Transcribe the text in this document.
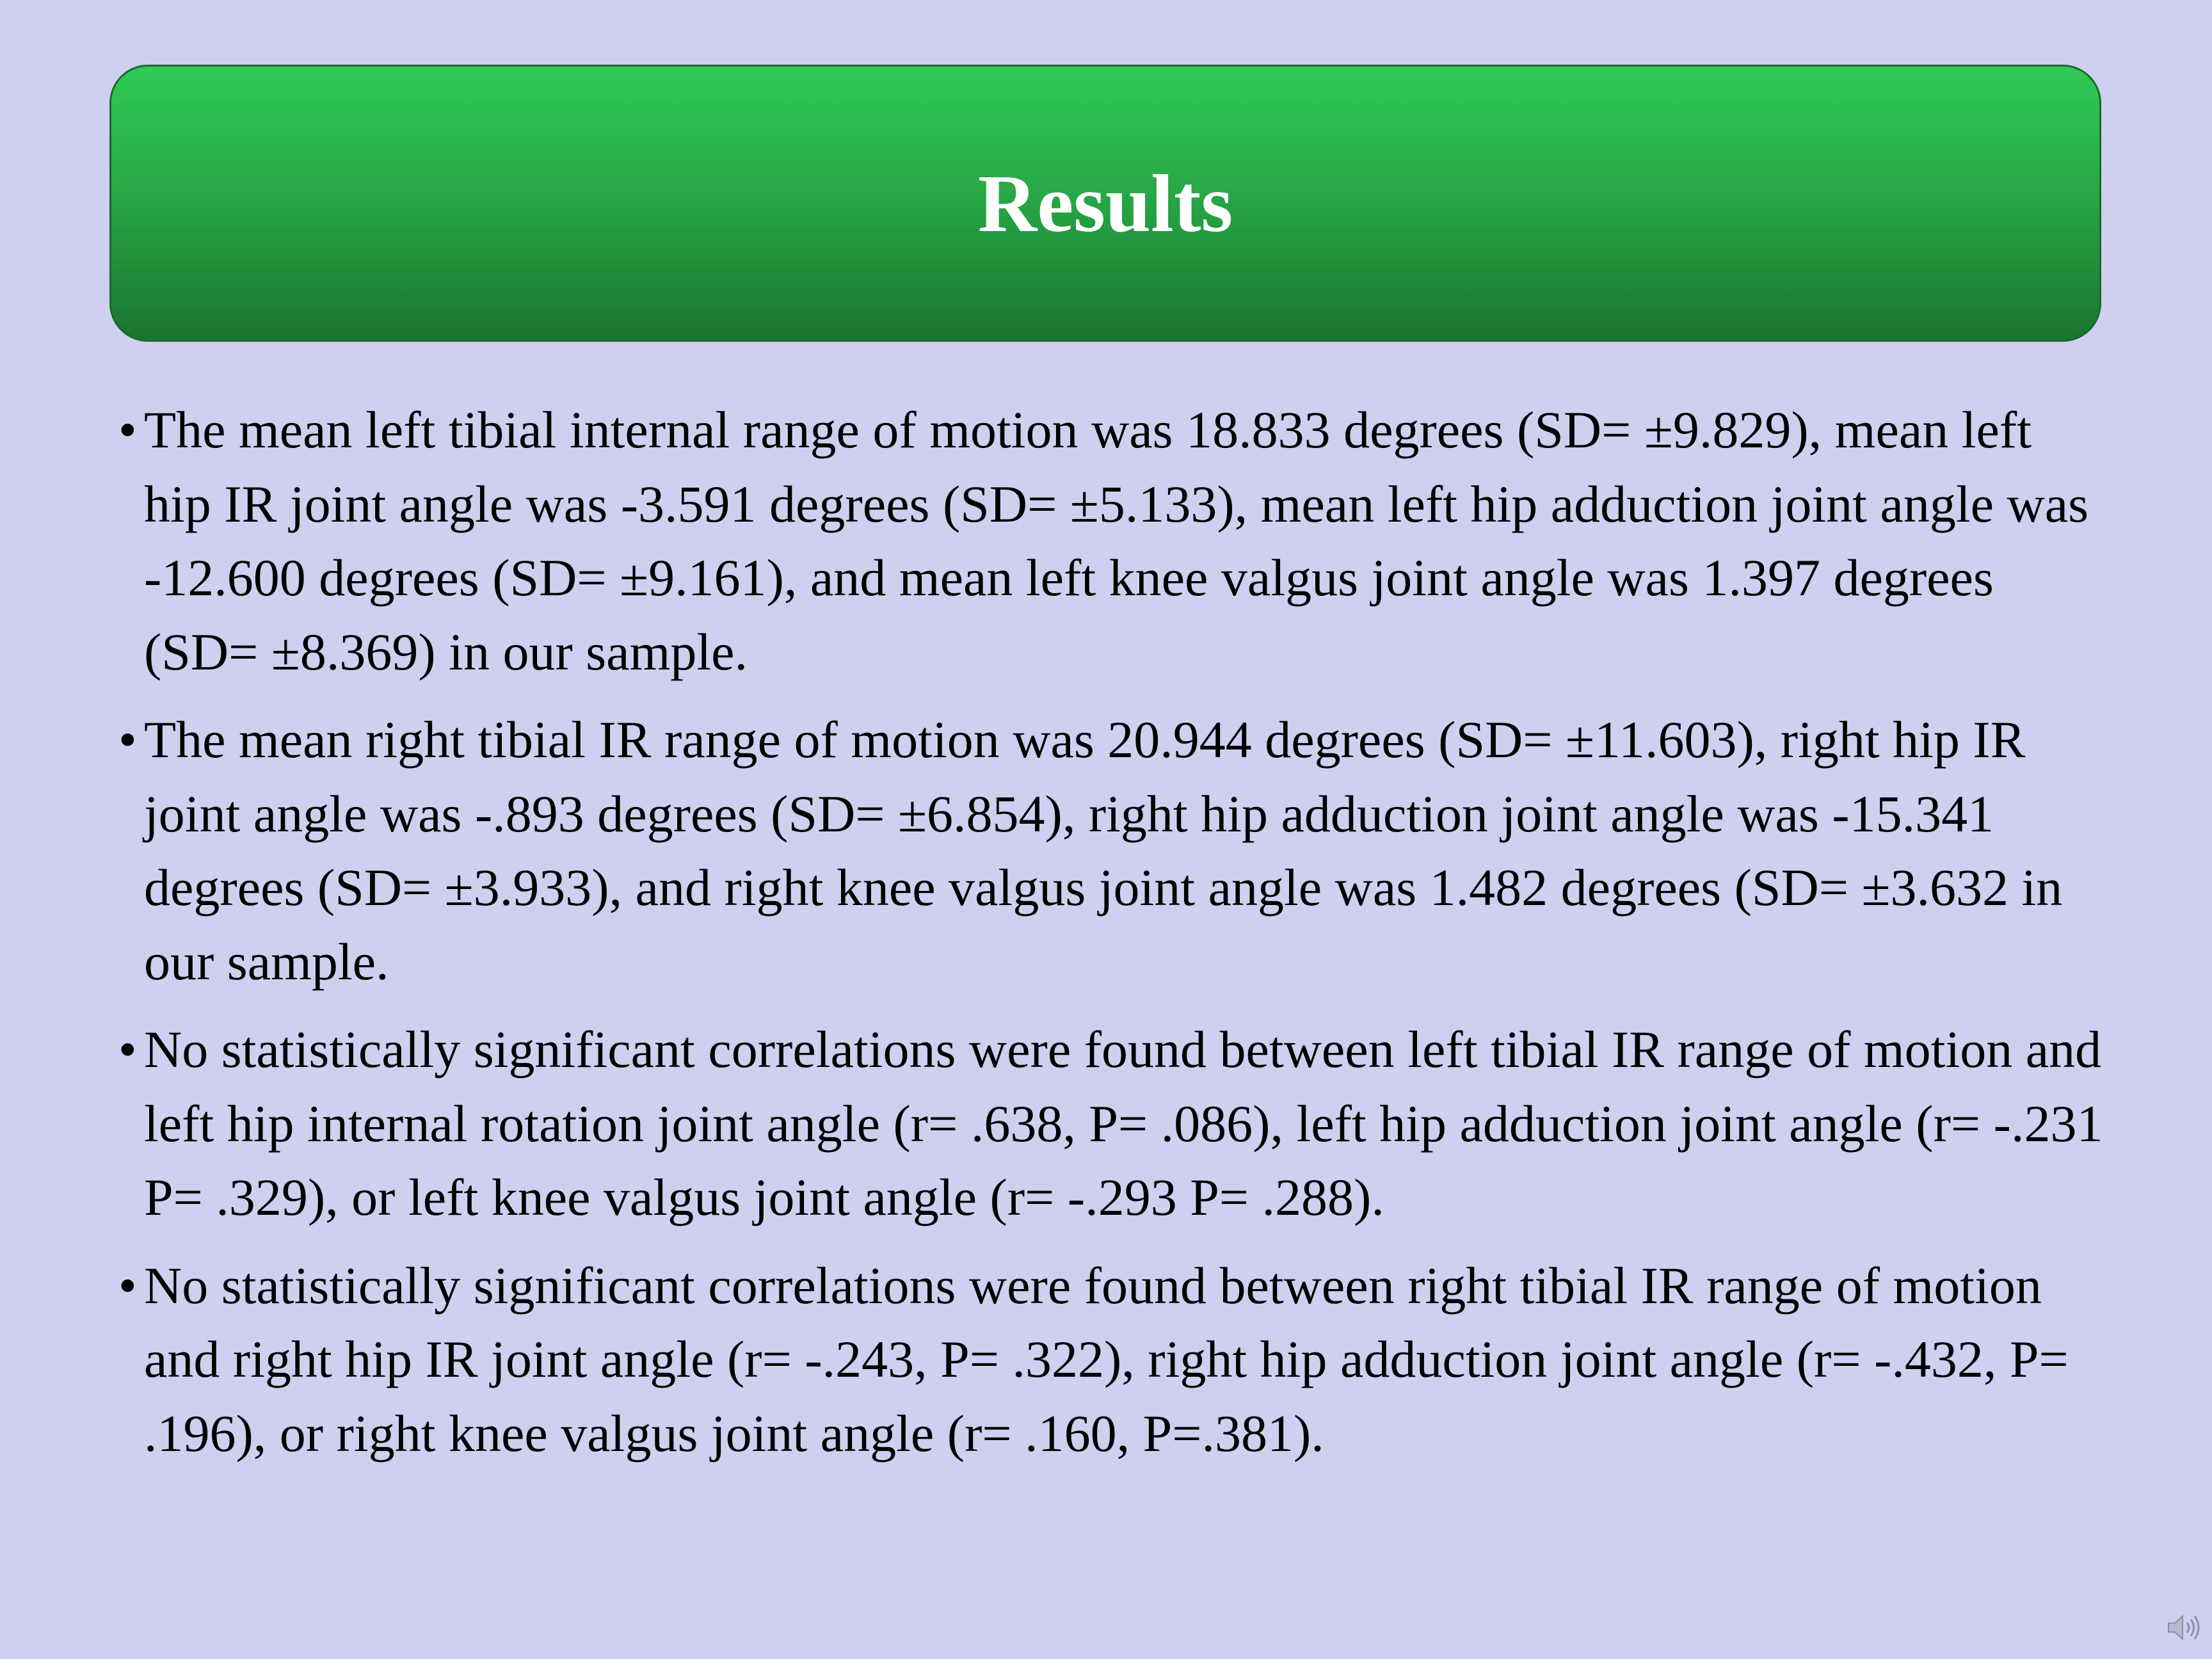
Results
• The mean left tibial internal range of motion was 18.833 degrees (SD= ±9.829), mean left hip IR joint angle was -3.591 degrees (SD= ±5.133), mean left hip adduction joint angle was -12.600 degrees (SD= ±9.161), and mean left knee valgus joint angle was 1.397 degrees (SD= ±8.369) in our sample.
• The mean right tibial IR range of motion was 20.944 degrees (SD= ±11.603), right hip IR joint angle was -.893 degrees (SD= ±6.854), right hip adduction joint angle was -15.341 degrees (SD= ±3.933), and right knee valgus joint angle was 1.482 degrees (SD= ±3.632 in our sample.
• No statistically significant correlations were found between left tibial IR range of motion and left hip internal rotation joint angle (r= .638, P= .086), left hip adduction joint angle (r= -.231 P= .329), or left knee valgus joint angle (r= -.293 P= .288).
• No statistically significant correlations were found between right tibial IR range of motion and right hip IR joint angle (r= -.243, P= .322), right hip adduction joint angle (r= -.432, P= .196), or right knee valgus joint angle (r= .160, P=.381).
